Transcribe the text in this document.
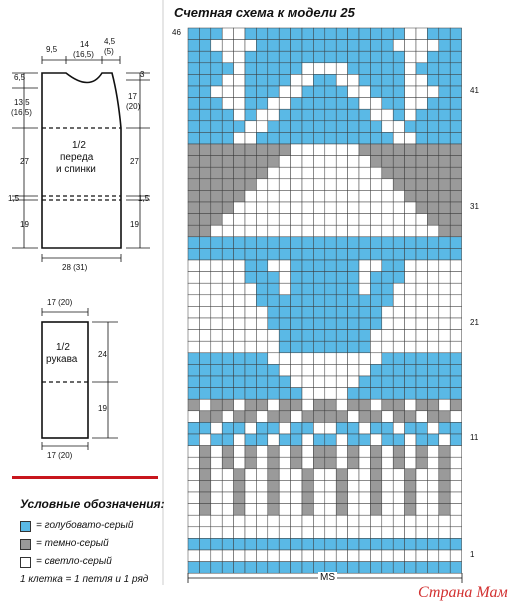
9,5
14
(16,5)
4,5
(5)
6,5
13,5
(16,5)
27
1,5
19
3
17
(20)
27
1,5
19
1/2
переда
и спинки
28 (31)
17 (20)
1/2
рукава	24
19
17 (20)
Условные обозначения:
= голубовато-серый
= темно-серый
= светло-серый
1 клетка = 1 петля и 1 ряд
Счетная схема к модели 25
46
41
31
21
11
1
MS
Страна Мам
